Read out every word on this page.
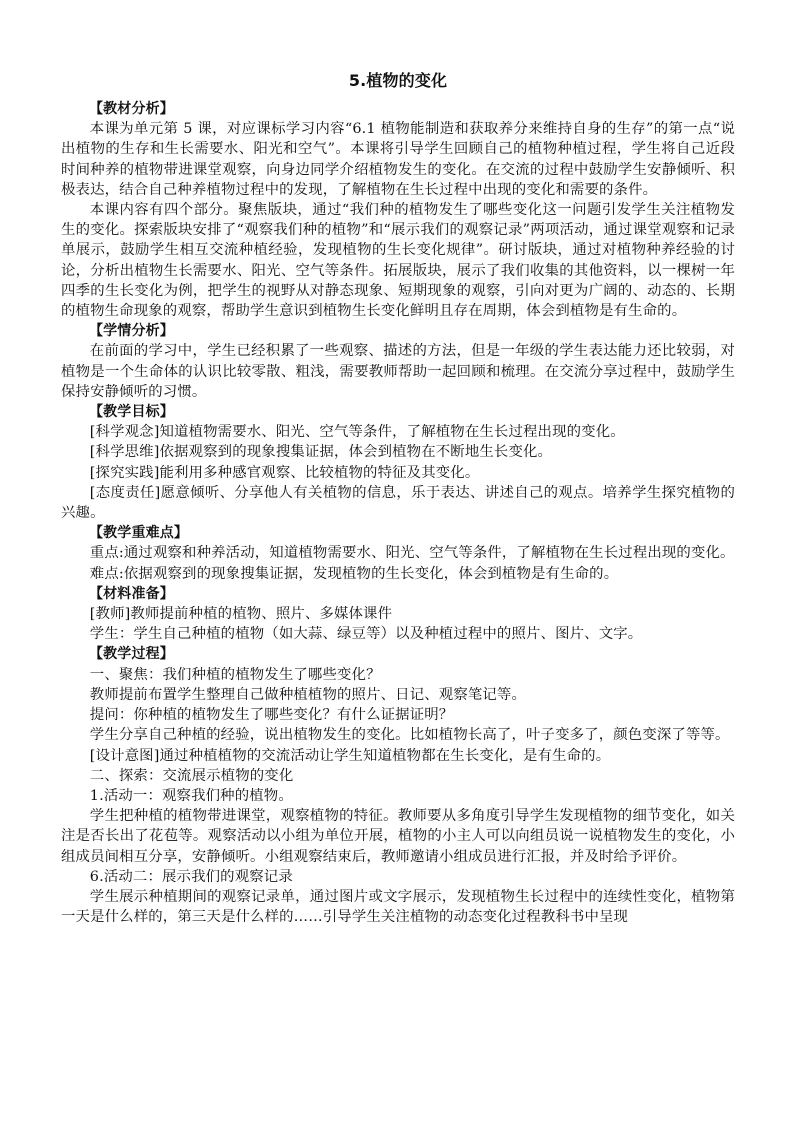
5.植物的变化

【教材分析】

本课为单元第 5 课，对应课标学习内容“6.1 植物能制造和获取养分来维持自身的生存”的第一点“说出植物的生存和生长需要水、阳光和空气”。本课将引导学生回顾自己的植物种植过程，学生将自己近段时间种养的植物带进课堂观察，向身边同学介绍植物发生的变化。在交流的过程中鼓励学生安静倾听、积极表达，结合自己种养植物过程中的发现，了解植物在生长过程中出现的变化和需要的条件。

本课内容有四个部分。聚焦版块，通过“我们种的植物发生了哪些变化这一问题引发学生关注植物发生的变化。探索版块安排了“观察我们种的植物”和“展示我们的观察记录”两项活动，通过课堂观察和记录单展示，鼓励学生相互交流种植经验，发现植物的生长变化规律”。研讨版块，通过对植物种养经验的讨论，分析出植物生长需要水、阳光、空气等条件。拓展版块，展示了我们收集的其他资料，以一棵树一年四季的生长变化为例，把学生的视野从对静态现象、短期现象的观察，引向对更为广阔的、动态的、长期的植物生命现象的观察，帮助学生意识到植物生长变化鲜明且存在周期，体会到植物是有生命的。

【学情分析】

在前面的学习中，学生已经积累了一些观察、描述的方法，但是一年级的学生表达能力还比较弱，对植物是一个生命体的认识比较零散、粗浅，需要教师帮助一起回顾和梳理。在交流分享过程中，鼓励学生保持安静倾听的习惯。

【教学目标】

[科学观念]知道植物需要水、阳光、空气等条件，了解植物在生长过程出现的变化。

[科学思维]依据观察到的现象搜集证据，体会到植物在不断地生长变化。

[探究实践]能利用多种感官观察、比较植物的特征及其变化。

[态度责任]愿意倾听、分享他人有关植物的信息，乐于表达、讲述自己的观点。培养学生探究植物的兴趣。

【教学重难点】

重点:通过观察和种养活动，知道植物需要水、阳光、空气等条件，了解植物在生长过程出现的变化。

难点:依据观察到的现象搜集证据，发现植物的生长变化，体会到植物是有生命的。

【材料准备】

[教师]教师提前种植的植物、照片、多媒体课件

学生：学生自己种植的植物（如大蒜、绿豆等）以及种植过程中的照片、图片、文字。

【教学过程】

一、聚焦：我们种植的植物发生了哪些变化？

教师提前布置学生整理自己做种植植物的照片、日记、观察笔记等。

提问：你种植的植物发生了哪些变化？有什么证据证明？

学生分享自己种植的经验，说出植物发生的变化。比如植物长高了，叶子变多了，颜色变深了等等。

[设计意图]通过种植植物的交流活动让学生知道植物都在生长变化，是有生命的。

二、探索：交流展示植物的变化

1.活动一：观察我们种的植物。

学生把种植的植物带进课堂，观察植物的特征。教师要从多角度引导学生发现植物的细节变化，如关注是否长出了花苞等。观察活动以小组为单位开展，植物的小主人可以向组员说一说植物发生的变化，小组成员间相互分享，安静倾听。小组观察结束后，教师邀请小组成员进行汇报，并及时给予评价。

6.活动二：展示我们的观察记录

学生展示种植期间的观察记录单，通过图片或文字展示，发现植物生长过程中的连续性变化，植物第一天是什么样的，第三天是什么样的……引导学生关注植物的动态变化过程教科书中呈现
